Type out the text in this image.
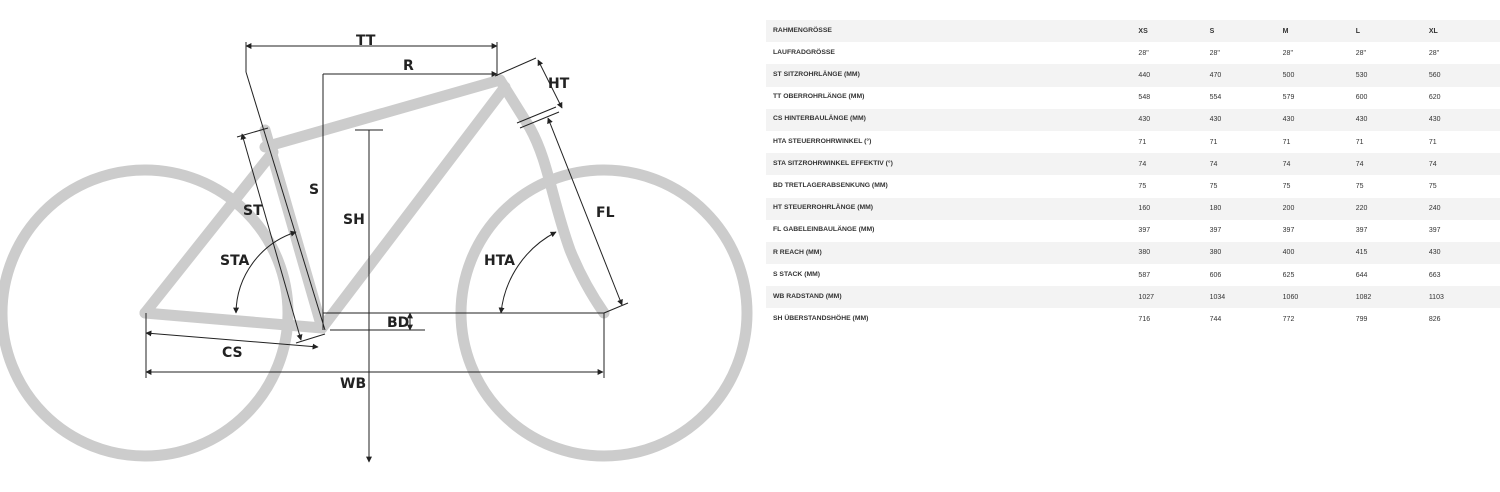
TT
R
HT
S
ST
SH	FL
STA	HTA
BD
CS
WB
RAHMENGRÖSSE	XS	S	M	L	XL
LAUFRADGRÖSSE	28"	28"	28"	28"	28"
ST SITZROHRLÄNGE (MM)	440	470	500	530	560
TT OBERROHRLÄNGE (MM)	548	554	579	600	620
CS HINTERBAULÄNGE (MM)	430	430	430	430	430
HTA STEUERROHRWINKEL (°)	71	71	71	71	71
STA SITZROHRWINKEL EFFEKTIV (°)	74	74	74	74	74
BD TRETLAGERABSENKUNG (MM)	75	75	75	75	75
HT STEUERROHRLÄNGE (MM)	160	180	200	220	240
FL GABELEINBAULÄNGE (MM)	397	397	397	397	397
R REACH (MM)	380	380	400	415	430
S STACK (MM)	587	606	625	644	663
WB RADSTAND (MM)	1027	1034	1060	1082	1103
SH ÜBERSTANDSHÖHE (MM)	716	744	772	799	826
